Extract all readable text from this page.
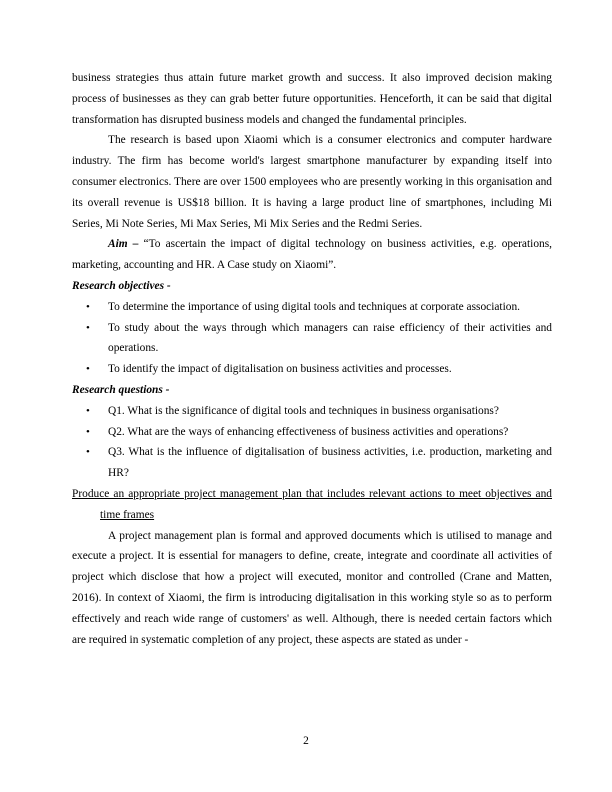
business strategies thus attain future market growth and success. It also improved decision making process of businesses as they can grab better future opportunities. Henceforth, it can be said that digital transformation has disrupted business models and changed the fundamental principles.

The research is based upon Xiaomi which is a consumer electronics and computer hardware industry. The firm has become world's largest smartphone manufacturer by expanding itself into consumer electronics. There are over 1500 employees who are presently working in this organisation and its overall revenue is US$18 billion. It is having a large product line of smartphones, including Mi Series, Mi Note Series, Mi Max Series, Mi Mix Series and the Redmi Series.

Aim – “To ascertain the impact of digital technology on business activities, e.g. operations, marketing, accounting and HR. A Case study on Xiaomi”.

Research objectives -

• To determine the importance of using digital tools and techniques at corporate association.
• To study about the ways through which managers can raise efficiency of their activities and operations.
• To identify the impact of digitalisation on business activities and processes.

Research questions -

• Q1. What is the significance of digital tools and techniques in business organisations?
• Q2. What are the ways of enhancing effectiveness of business activities and operations?
• Q3. What is the influence of digitalisation of business activities, i.e. production, marketing and HR?

Produce an appropriate project management plan that includes relevant actions to meet objectives and time frames

A project management plan is formal and approved documents which is utilised to manage and execute a project. It is essential for managers to define, create, integrate and coordinate all activities of project which disclose that how a project will executed, monitor and controlled (Crane and Matten, 2016). In context of Xiaomi, the firm is introducing digitalisation in this working style so as to perform effectively and reach wide range of customers' as well. Although, there is needed certain factors which are required in systematic completion of any project, these aspects are stated as under -

2
